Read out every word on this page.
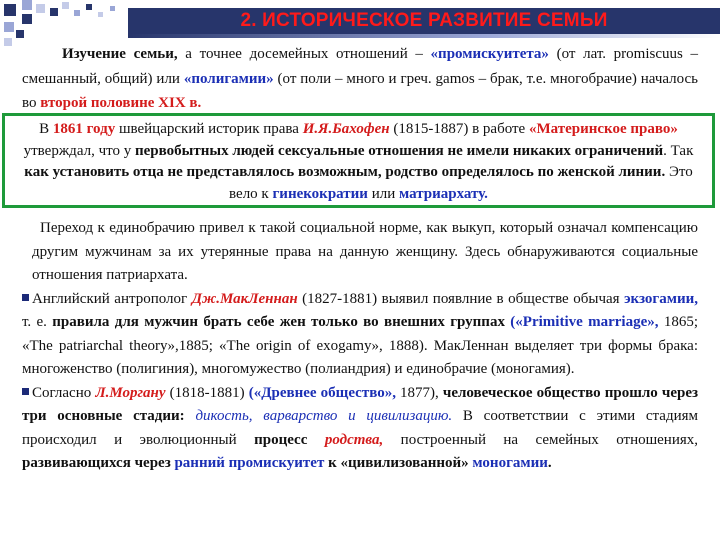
2. ИСТОРИЧЕСКОЕ РАЗВИТИЕ СЕМЬИ
Изучение семьи, а точнее досемейных отношений – «промискуитета» (от лат. promiscuus – смешанный, общий) или «полигамии» (от поли – много и греч. gamos – брак, т.е. многобрачие) началось во второй половине XIX в.
В 1861 году швейцарский историк права И.Я.Бахофен (1815-1887) в работе «Материнское право» утверждал, что у первобытных людей сексуальные отношения не имели никаких ограничений. Так как установить отца не представлялось возможным, родство определялось по женской линии. Это вело к гинекократии или матриархату.
Переход к единобрачию привел к такой социальной норме, как выкуп, который означал компенсацию другим мужчинам за их утерянные права на данную женщину. Здесь обнаруживаются социальные отношения патриархата.
Английский антрополог Дж.МакЛеннан (1827-1881) выявил появлние в обществе обычая экзогамии, т. е. правила для мужчин брать себе жен только во внешних группах («Primitive marriage», 1865; «The patriarchal theory»,1885; «The origin of exogamy», 1888). МакЛеннан выделяет три формы брака: многоженство (полигиния), многомужество (полиандрия) и единобрачие (моногамия).
Согласно Л.Моргану (1818-1881) («Древнее общество», 1877), человеческое общество прошло через три основные стадии: дикость, варварство и цивилизацию. В соответствии с этими стадиям происходил и эволюционный процесс родства, построенный на семейных отношениях, развивающихся через ранний промискуитет к «цивилизованной» моногамии.
